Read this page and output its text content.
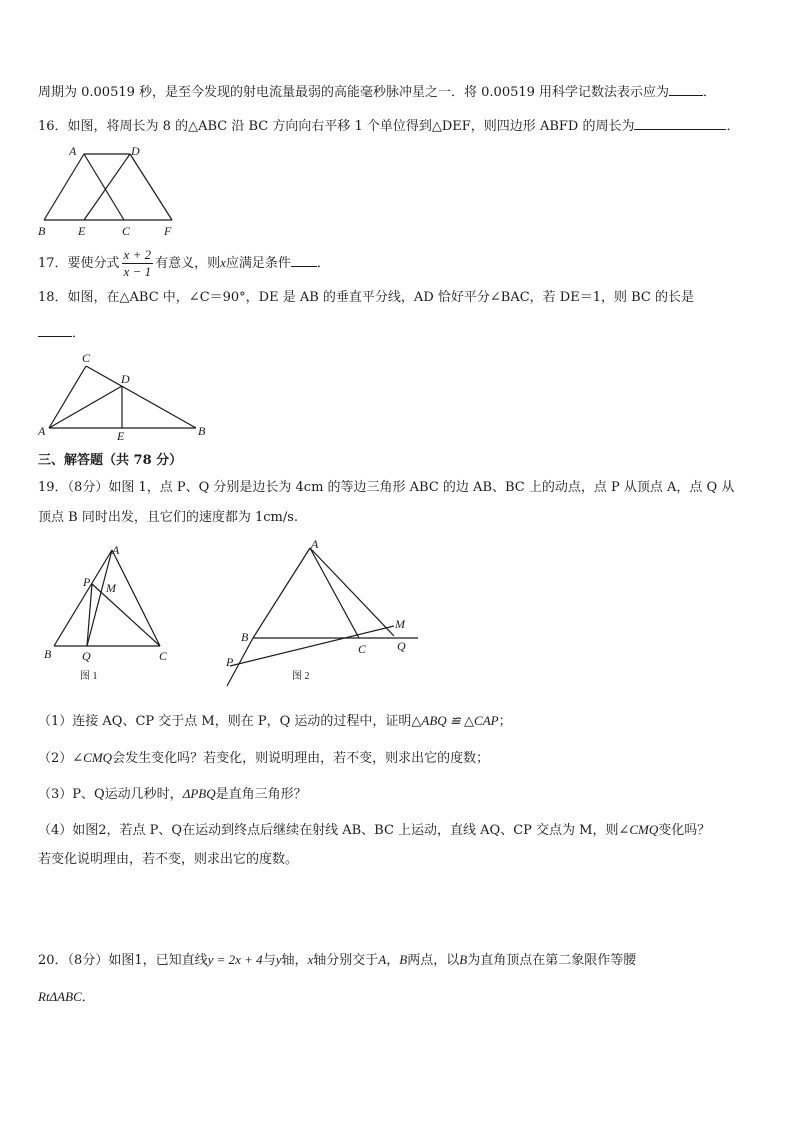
周期为 0.00519 秒，是至今发现的射电流量最弱的高能毫秒脉冲星之一．将 0.00519 用科学记数法表示应为	．
16．如图，将周长为 8 的△ABC 沿 BC 方向向右平移 1 个单位得到△DEF，则四边形 ABFD 的周长为	．
A	D
B	E	C	F
17．要使分式 $\frac{x + 2}{x - 1}$ 有意义，则x应满足条件 ．
18．如图，在△ABC 中，∠C＝90°，DE 是 AB 的垂直平分线，AD 恰好平分∠BAC，若 DE＝1，则 BC 的长是
．
C
D
A	E	B
三、解答题（共 78 分）
19．（8分）如图 1，点 P、Q 分别是边长为 4cm 的等边三角形 ABC 的边 AB、BC 上的动点，点 P 从顶点 A，点 Q 从
顶点 B 同时出发，且它们的速度都为 1cm/s.
A
P M
B	Q	C
图 1
A
B
C	Q
M
P
图 2
（1）连接 AQ、CP 交于点 M，则在 P，Q 运动的过程中，证明△ABQ ≌ △CAP；
（2）∠CMQ会发生变化吗？若变化，则说明理由，若不变，则求出它的度数；
（3）P、Q运动几秒时，ΔPBQ是直角三角形？
（4）如图2，若点 P、Q在运动到终点后继续在射线 AB、BC 上运动，直线 AQ、CP 交点为 M，则∠CMQ变化吗？
若变化说明理由，若不变，则求出它的度数。
20．（8分）如图1，已知直线y = 2x + 4与y轴，x轴分别交于A，B两点，以B为直角顶点在第二象限作等腰
RtΔABC．
